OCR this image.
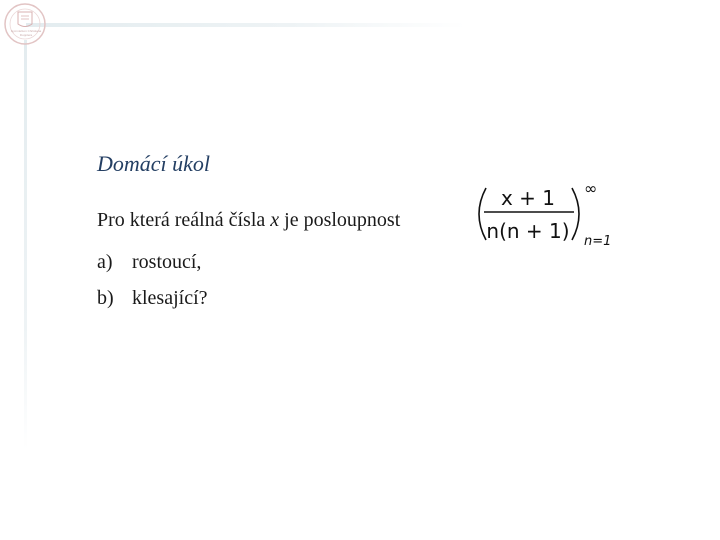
Gymnázium Christiana Dopplera
Domácí úkol
Pro která reálná čísla x je posloupnost
x + 1
n(n + 1)
∞
n=1
a) rostoucí,
b) klesající?
